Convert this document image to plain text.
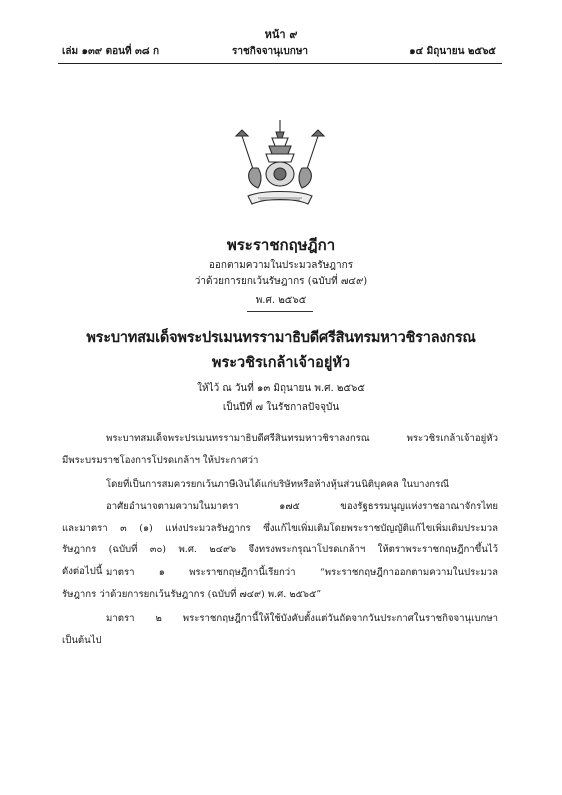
หน้า ๙
เล่ม ๑๓๙ ตอนที่ ๓๘ ก	ราชกิจจานุเบกษา	๑๔ มิถุนายน ๒๕๖๕
พระราชกฤษฎีกา
ออกตามความในประมวลรัษฎากร
ว่าด้วยการยกเว้นรัษฎากร (ฉบับที่ ๗๔๙)
พ.ศ. ๒๕๖๕
พระบาทสมเด็จพระปรเมนทรรามาธิบดีศรีสินทรมหาวชิราลงกรณ
พระวชิรเกล้าเจ้าอยู่หัว
ให้ไว้ ณ วันที่ ๑๓ มิถุนายน พ.ศ. ๒๕๖๕
เป็นปีที่ ๗ ในรัชกาลปัจจุบัน
พระบาทสมเด็จพระปรเมนทรรามาธิบดีศรีสินทรมหาวชิราลงกรณ พระวชิรเกล้าเจ้าอยู่หัว
มีพระบรมราชโองการโปรดเกล้าฯ ให้ประกาศว่า
โดยที่เป็นการสมควรยกเว้นภาษีเงินได้แก่บริษัทหรือห้างหุ้นส่วนนิติบุคคล ในบางกรณี
อาศัยอำนาจตามความในมาตรา ๑๗๕ ของรัฐธรรมนูญแห่งราชอาณาจักรไทย
และมาตรา ๓ (๑) แห่งประมวลรัษฎากร ซึ่งแก้ไขเพิ่มเติมโดยพระราชบัญญัติแก้ไขเพิ่มเติมประมวล
รัษฎากร (ฉบับที่ ๓๐) พ.ศ. ๒๔๙๖ จึงทรงพระกรุณาโปรดเกล้าฯ ให้ตราพระราชกฤษฎีกาขึ้นไว้
ดังต่อไปนี้ มาตรา ๑ พระราชกฤษฎีกานี้เรียกว่า “พระราชกฤษฎีกาออกตามความในประมวล
รัษฎากร ว่าด้วยการยกเว้นรัษฎากร (ฉบับที่ ๗๔๙) พ.ศ. ๒๕๖๕”
มาตรา ๒ พระราชกฤษฎีกานี้ให้ใช้บังคับตั้งแต่วันถัดจากวันประกาศในราชกิจจานุเบกษา
เป็นต้นไป
